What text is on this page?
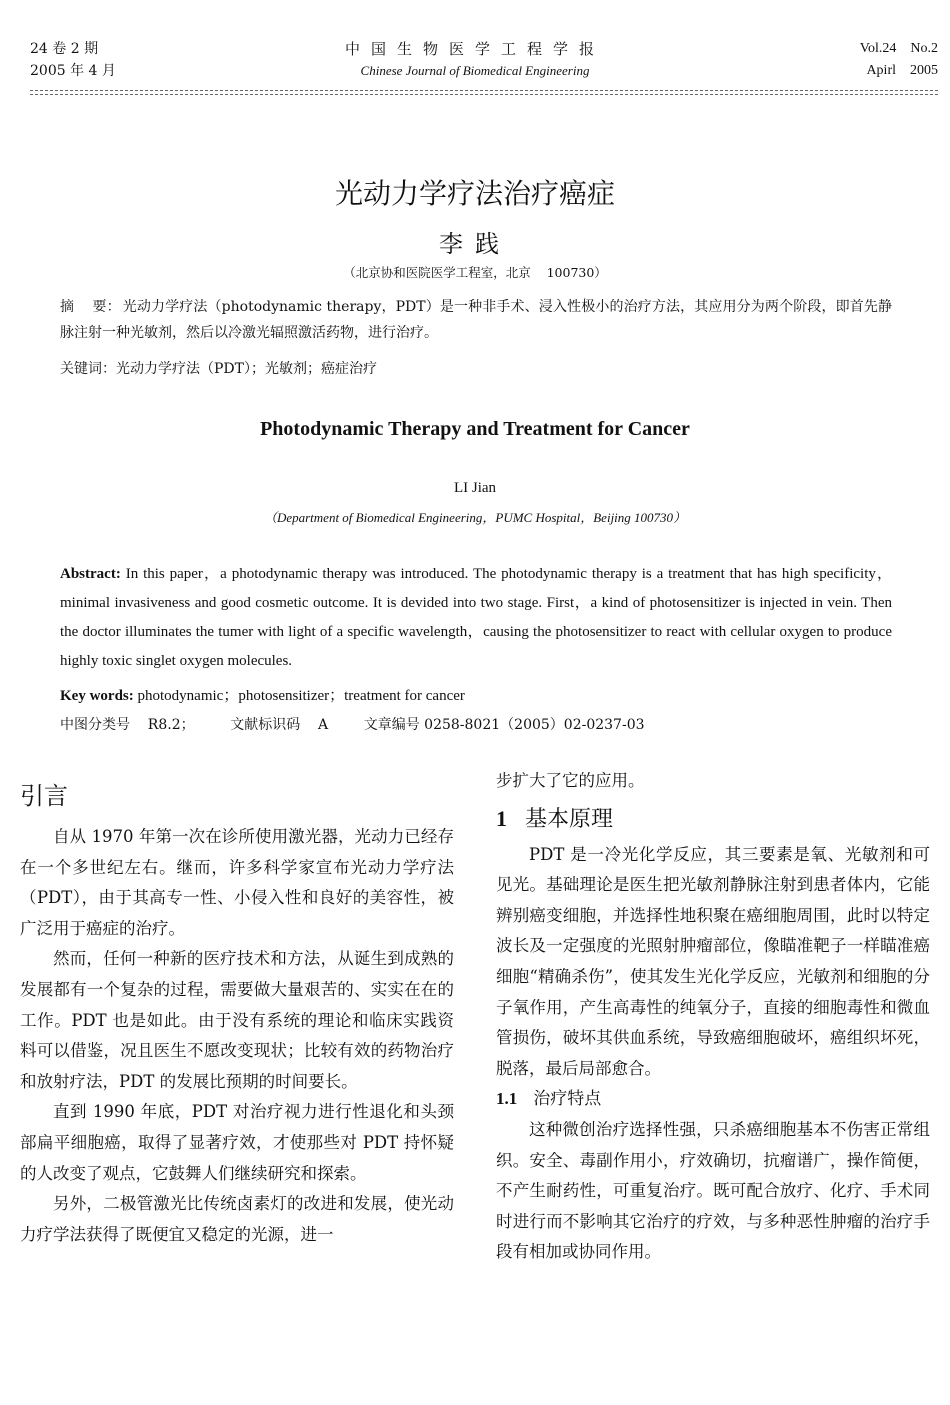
24 卷 2 期
2005 年 4 月
中国生物医学工程学报
Chinese Journal of Biomedical Engineering
Vol.24    No.2
Apirl    2005
光动力学疗法治疗癌症
李践
（北京协和医院医学工程室，北京    100730）
摘    要： 光动力学疗法（photodynamic therapy，PDT）是一种非手术、浸入性极小的治疗方法，其应用分为两个阶段，即首先静脉注射一种光敏剂，然后以冷激光辐照激活药物，进行治疗。
关键词：光动力学疗法（PDT）；光敏剂；癌症治疗
Photodynamic Therapy and Treatment for Cancer
LI Jian
（Department of Biomedical Engineering，PUMC Hospital，Beijing 100730）
Abstract: In this paper，a photodynamic therapy was introduced. The photodynamic therapy is a treatment that has high specificity，minimal invasiveness and good cosmetic outcome. It is devided into two stage. First，a kind of photosensitizer is injected in vein. Then the doctor illuminates the tumer with light of a specific wavelength，causing the photosensitizer to react with cellular oxygen to produce highly toxic singlet oxygen molecules.
Key words: photodynamic；photosensitizer；treatment for cancer
中图分类号    R8.2；        文献标识码    A        文章编号 0258-8021（2005）02-0237-03
引言

自从 1970 年第一次在诊所使用激光器，光动力已经存在一个多世纪左右。继而，许多科学家宣布光动力学疗法（PDT），由于其高专一性、小侵入性和良好的美容性，被广泛用于癌症的治疗。

然而，任何一种新的医疗技术和方法，从诞生到成熟的发展都有一个复杂的过程，需要做大量艰苦的、实实在在的工作。PDT 也是如此。由于没有系统的理论和临床实践资料可以借鉴，况且医生不愿改变现状；比较有效的药物治疗和放射疗法，PDT 的发展比预期的时间要长。

直到 1990 年底，PDT 对治疗视力进行性退化和头颈部扁平细胞癌，取得了显著疗效，才使那些对 PDT 持怀疑的人改变了观点，它鼓舞人们继续研究和探索。

另外，二极管激光比传统卤素灯的改进和发展，使光动力疗学法获得了既便宜又稳定的光源，进一

步扩大了它的应用。

1 基本原理

PDT 是一冷光化学反应，其三要素是氧、光敏剂和可见光。基础理论是医生把光敏剂静脉注射到患者体内，它能辨别癌变细胞，并选择性地积聚在癌细胞周围，此时以特定波长及一定强度的光照射肿瘤部位，像瞄准靶子一样瞄准癌细胞“精确杀伤”，使其发生光化学反应，光敏剂和细胞的分子氧作用，产生高毒性的纯氧分子，直接的细胞毒性和微血管损伤，破坏其供血系统，导致癌细胞破坏，癌组织坏死，脱落，最后局部愈合。

1.1 治疗特点

这种微创治疗选择性强，只杀癌细胞基本不伤害正常组织。安全、毒副作用小，疗效确切，抗瘤谱广，操作简便，不产生耐药性，可重复治疗。既可配合放疗、化疗、手术同时进行而不影响其它治疗的疗效，与多种恶性肿瘤的治疗手段有相加或协同作用。
